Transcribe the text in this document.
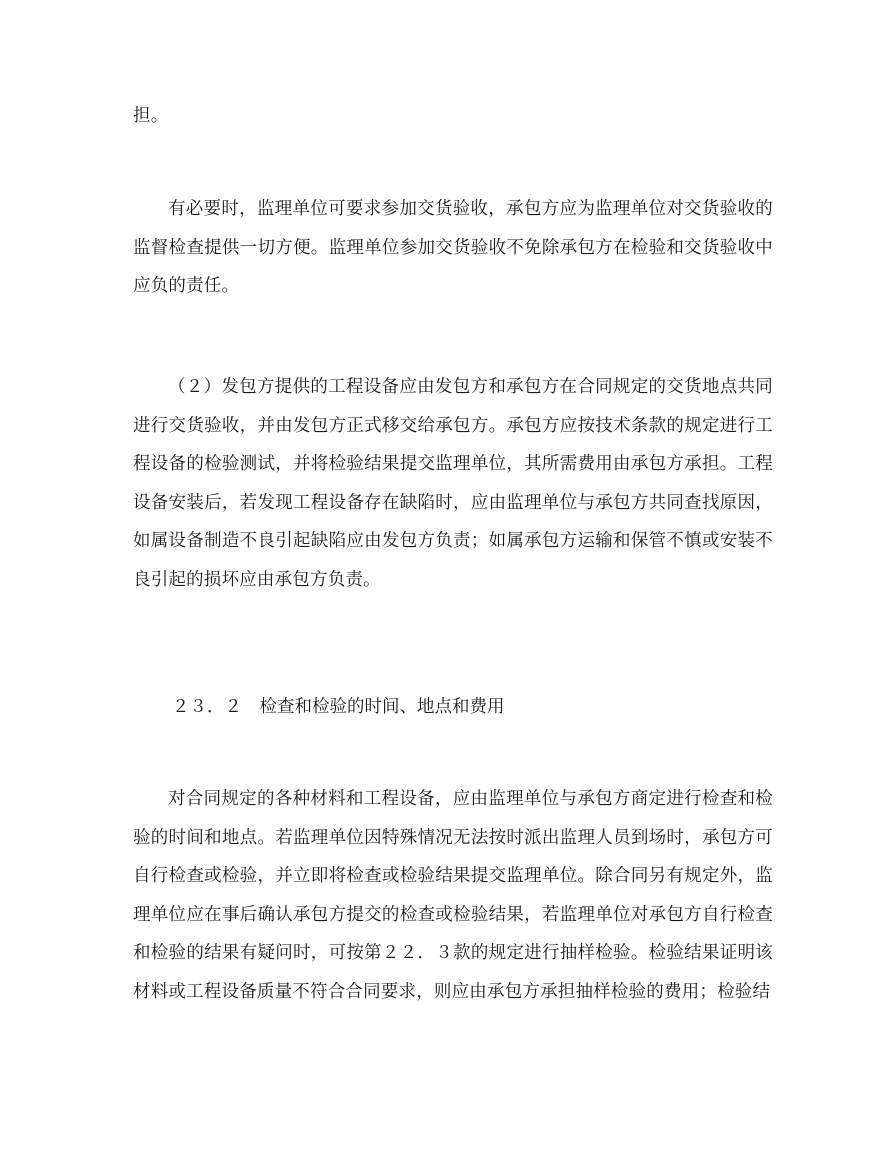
担。
有必要时，监理单位可要求参加交货验收，承包方应为监理单位对交货验收的监督检查提供一切方便。监理单位参加交货验收不免除承包方在检验和交货验收中应负的责任。
（２）发包方提供的工程设备应由发包方和承包方在合同规定的交货地点共同进行交货验收，并由发包方正式移交给承包方。承包方应按技术条款的规定进行工程设备的检验测试，并将检验结果提交监理单位，其所需费用由承包方承担。工程设备安装后，若发现工程设备存在缺陷时，应由监理单位与承包方共同查找原因，如属设备制造不良引起缺陷应由发包方负责；如属承包方运输和保管不慎或安装不良引起的损坏应由承包方负责。
２３．２　检查和检验的时间、地点和费用
对合同规定的各种材料和工程设备，应由监理单位与承包方商定进行检查和检验的时间和地点。若监理单位因特殊情况无法按时派出监理人员到场时，承包方可自行检查或检验，并立即将检查或检验结果提交监理单位。除合同另有规定外，监理单位应在事后确认承包方提交的检查或检验结果，若监理单位对承包方自行检查和检验的结果有疑问时，可按第２２．３款的规定进行抽样检验。检验结果证明该材料或工程设备质量不符合合同要求，则应由承包方承担抽样检验的费用；检验结
